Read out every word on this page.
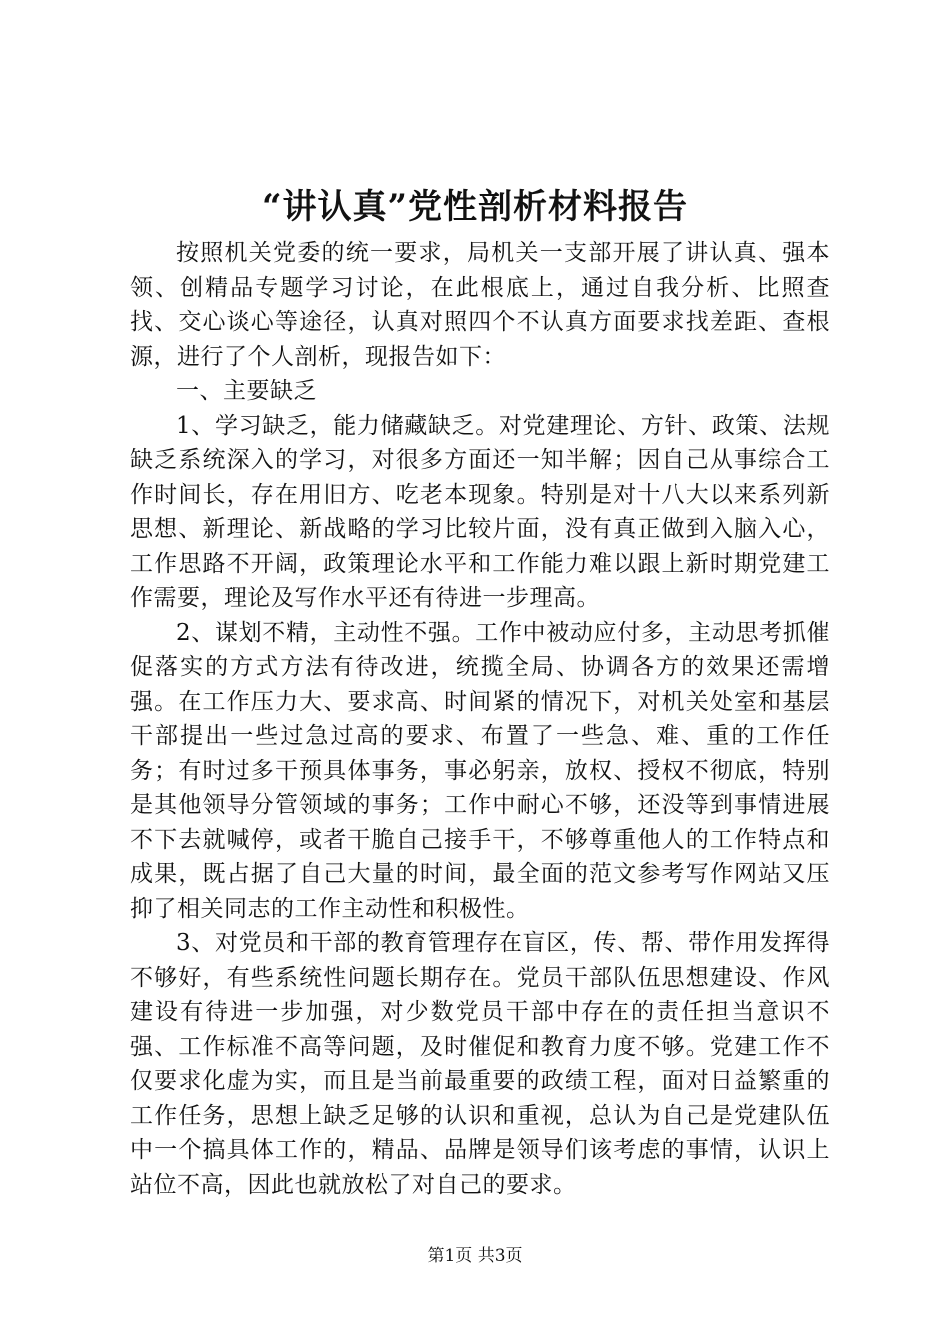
“讲认真”党性剖析材料报告

按照机关党委的统一要求，局机关一支部开展了讲认真、强本领、创精品专题学习讨论，在此根底上，通过自我分析、比照查找、交心谈心等途径，认真对照四个不认真方面要求找差距、查根源，进行了个人剖析，现报告如下：

一、主要缺乏

1、学习缺乏，能力储藏缺乏。对党建理论、方针、政策、法规缺乏系统深入的学习，对很多方面还一知半解；因自己从事综合工作时间长，存在用旧方、吃老本现象。特别是对十八大以来系列新思想、新理论、新战略的学习比较片面，没有真正做到入脑入心，工作思路不开阔，政策理论水平和工作能力难以跟上新时期党建工作需要，理论及写作水平还有待进一步理高。

2、谋划不精，主动性不强。工作中被动应付多，主动思考抓催促落实的方式方法有待改进，统揽全局、协调各方的效果还需增强。在工作压力大、要求高、时间紧的情况下，对机关处室和基层干部提出一些过急过高的要求、布置了一些急、难、重的工作任务；有时过多干预具体事务，事必躬亲，放权、授权不彻底，特别是其他领导分管领域的事务；工作中耐心不够，还没等到事情进展不下去就喊停，或者干脆自己接手干，不够尊重他人的工作特点和成果，既占据了自己大量的时间，最全面的范文参考写作网站又压抑了相关同志的工作主动性和积极性。

3、对党员和干部的教育管理存在盲区，传、帮、带作用发挥得不够好，有些系统性问题长期存在。党员干部队伍思想建设、作风建设有待进一步加强，对少数党员干部中存在的责任担当意识不强、工作标准不高等问题，及时催促和教育力度不够。党建工作不仅要求化虚为实，而且是当前最重要的政绩工程，面对日益繁重的工作任务，思想上缺乏足够的认识和重视，总认为自己是党建队伍中一个搞具体工作的，精品、品牌是领导们该考虑的事情，认识上站位不高，因此也就放松了对自己的要求。

第1页 共3页
